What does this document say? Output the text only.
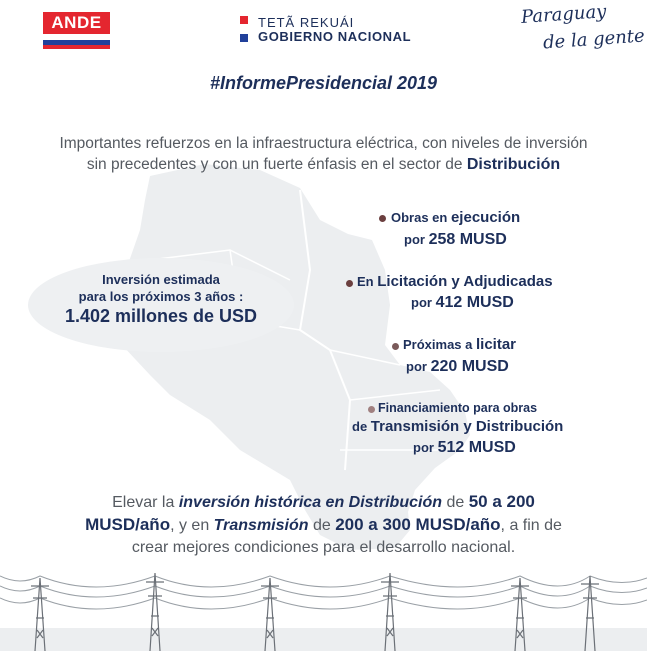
ANDE	TETÃ REKUÁI
GOBIERNO NACIONAL
Paraguay
de la gente
#InformePresidencial 2019
Importantes refuerzos en la infraestructura eléctrica, con niveles de inversión
sin precedentes y con un fuerte énfasis en el sector de Distribución
Inversión estimada
para los próximos 3 años :
1.402 millones de USD
Obras en ejecución
por 258 MUSD
En Licitación y Adjudicadas
por 412 MUSD
Próximas a licitar
por 220 MUSD
Financiamiento para obras
de Transmisión y Distribución
por 512 MUSD
Elevar la inversión histórica en Distribución de 50 a 200
MUSD/año, y en Transmisión de 200 a 300 MUSD/año, a fin de
crear mejores condiciones para el desarrollo nacional.
